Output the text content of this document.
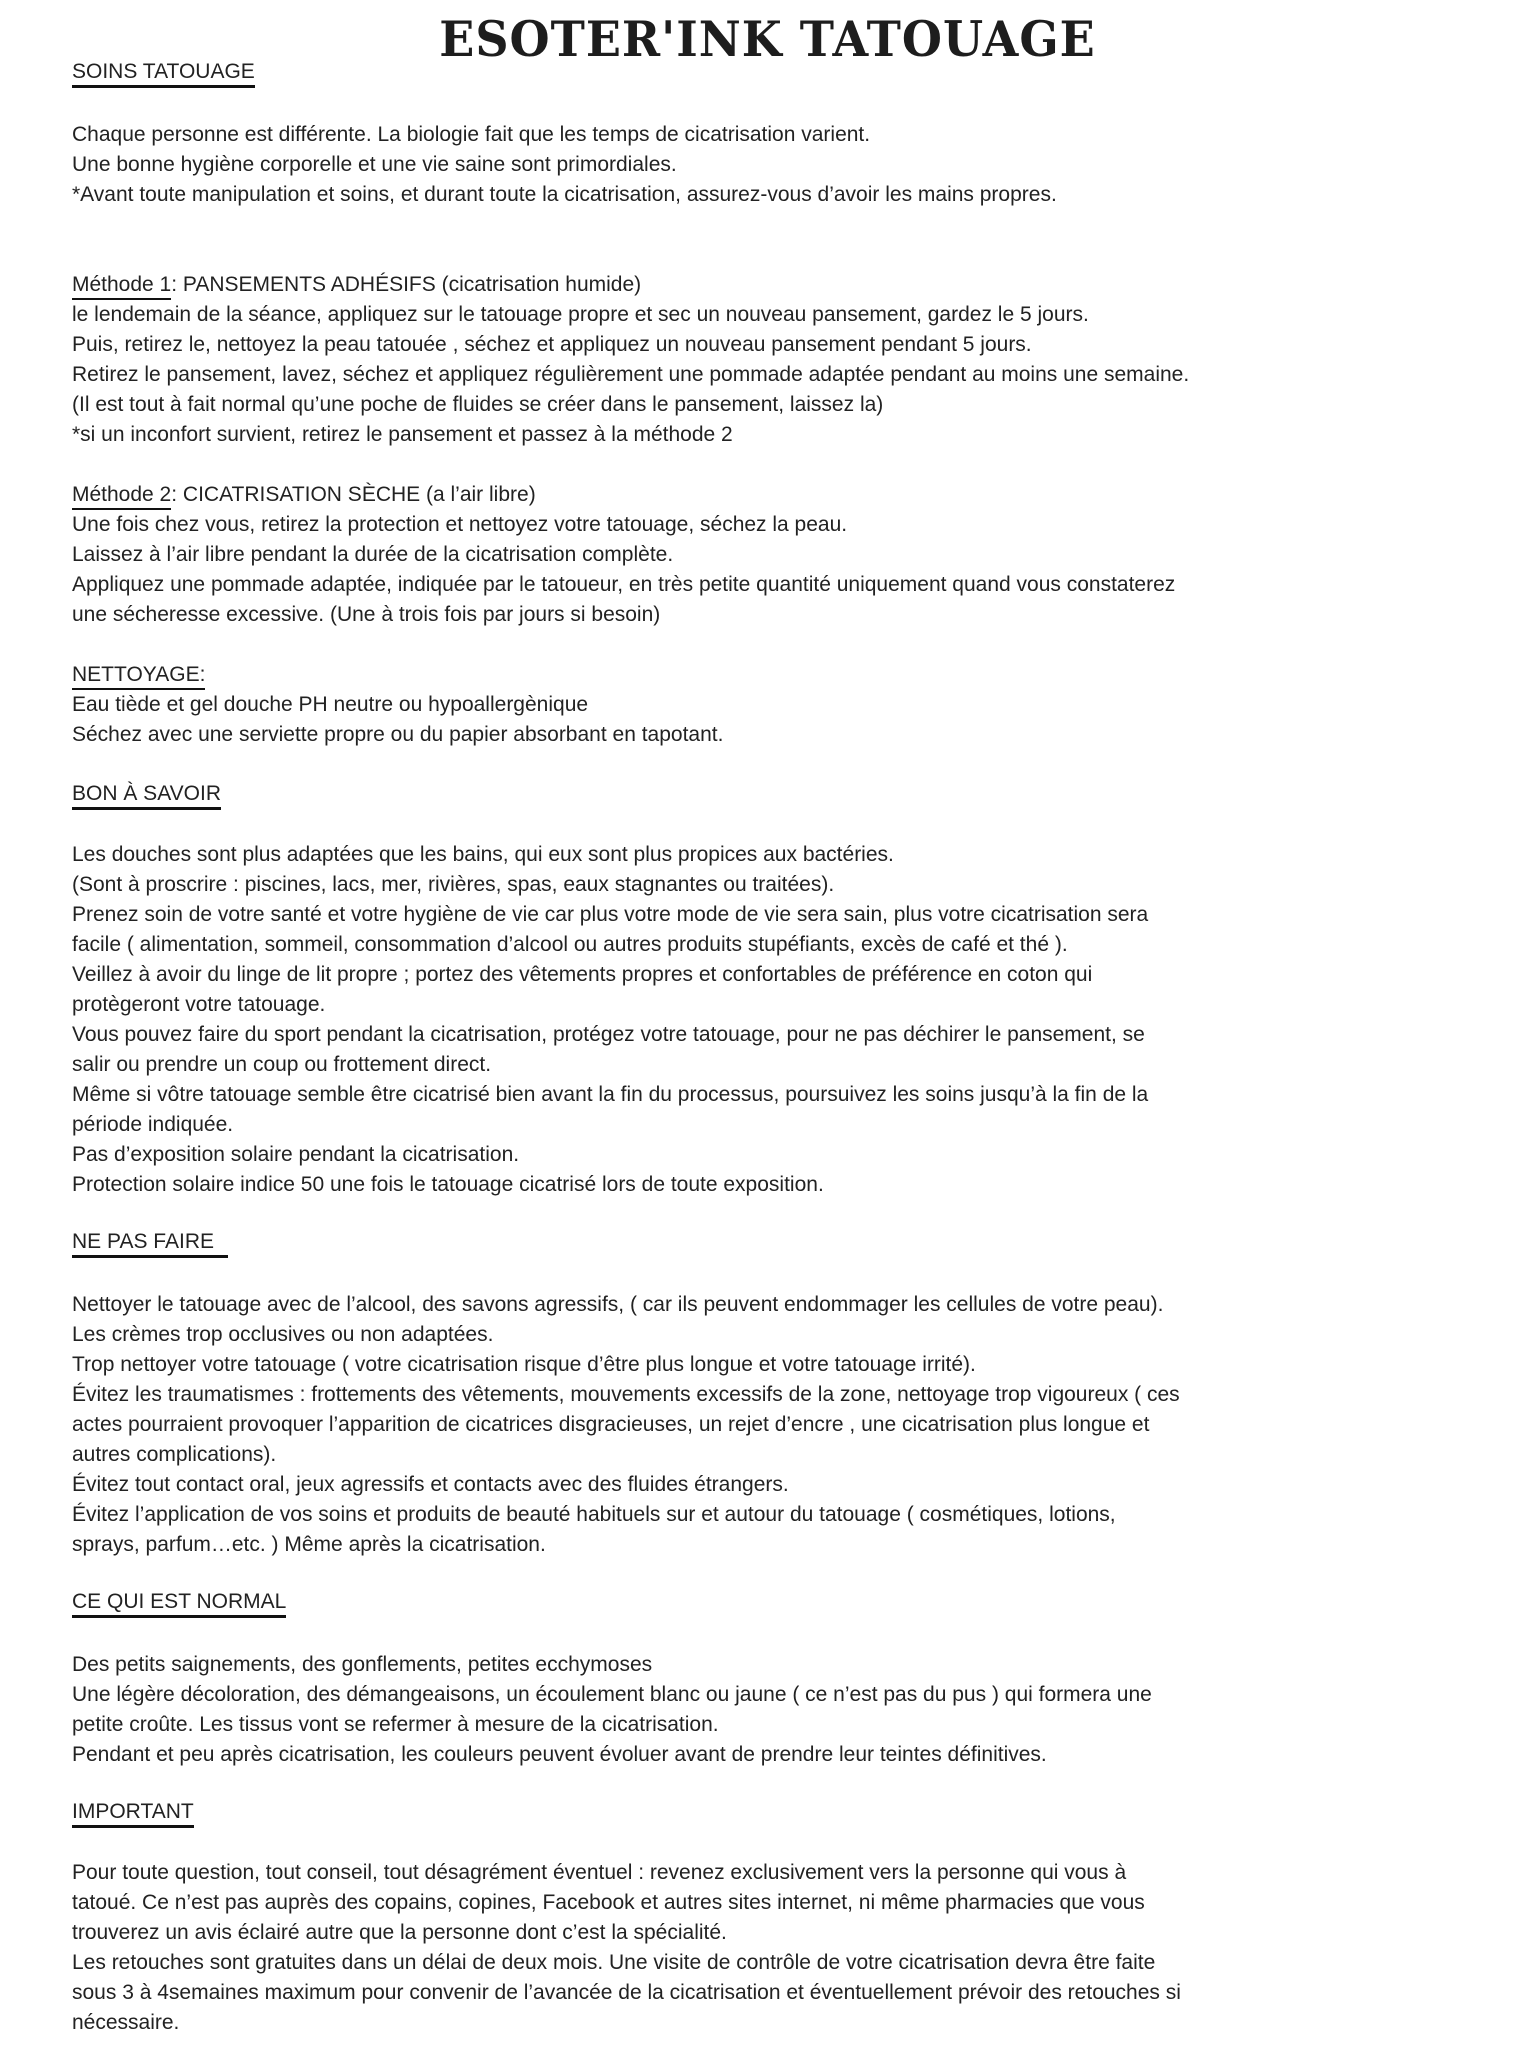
ESOTER'INK TATOUAGE
SOINS TATOUAGE
Chaque personne est différente. La biologie fait que les temps de cicatrisation varient.
Une bonne hygiène corporelle et une vie saine sont primordiales.
*Avant toute manipulation et soins, et durant toute la cicatrisation, assurez-vous d’avoir les mains propres.
Méthode 1: PANSEMENTS ADHÉSIFS (cicatrisation humide)
le lendemain de la séance, appliquez sur le tatouage propre et sec un nouveau pansement, gardez le 5 jours.
Puis, retirez le, nettoyez la peau tatouée , séchez et appliquez un nouveau pansement pendant 5 jours.
Retirez le pansement, lavez, séchez et appliquez régulièrement une pommade adaptée pendant au moins une semaine.
(Il est tout à fait normal qu’une poche de fluides se créer dans le pansement, laissez la)
*si un inconfort survient, retirez le pansement et passez à la méthode 2
Méthode 2: CICATRISATION SÈCHE (a l’air libre)
Une fois chez vous, retirez la protection et nettoyez votre tatouage, séchez la peau.
Laissez à l’air libre pendant la durée de la cicatrisation complète.
Appliquez une pommade adaptée, indiquée par le tatoueur, en très petite quantité uniquement quand vous constaterez
une sécheresse excessive. (Une à trois fois par jours si besoin)
NETTOYAGE:
Eau tiède et gel douche PH neutre ou hypoallergènique
Séchez avec une serviette propre ou du papier absorbant en tapotant.
BON À SAVOIR
Les douches sont plus adaptées que les bains, qui eux sont plus propices aux bactéries.
(Sont à proscrire : piscines, lacs, mer, rivières, spas, eaux stagnantes ou traitées).
Prenez soin de votre santé et votre hygiène de vie car plus votre mode de vie sera sain, plus votre cicatrisation sera
facile ( alimentation, sommeil, consommation d’alcool ou autres produits stupéfiants, excès de café et thé ).
Veillez à avoir du linge de lit propre ; portez des vêtements propres et confortables de préférence en coton qui
protègeront votre tatouage.
Vous pouvez faire du sport pendant la cicatrisation, protégez votre tatouage, pour ne pas déchirer le pansement, se
salir ou prendre un coup ou frottement direct.
Même si vôtre tatouage semble être cicatrisé bien avant la fin du processus, poursuivez les soins jusqu’à la fin de la
période indiquée.
Pas d’exposition solaire pendant la cicatrisation.
Protection solaire indice 50 une fois le tatouage cicatrisé lors de toute exposition.
NE PAS FAIRE
Nettoyer le tatouage avec de l’alcool, des savons agressifs, ( car ils peuvent endommager les cellules de votre peau).
Les crèmes trop occlusives ou non adaptées.
Trop nettoyer votre tatouage ( votre cicatrisation risque d’être plus longue et votre tatouage irrité).
Évitez les traumatismes : frottements des vêtements, mouvements excessifs de la zone, nettoyage trop vigoureux ( ces
actes pourraient provoquer l’apparition de cicatrices disgracieuses, un rejet d’encre , une cicatrisation plus longue et
autres complications).
Évitez tout contact oral, jeux agressifs et contacts avec des fluides étrangers.
Évitez l’application de vos soins et produits de beauté habituels sur et autour du tatouage ( cosmétiques, lotions,
sprays, parfum…etc. ) Même après la cicatrisation.
CE QUI EST NORMAL
Des petits saignements, des gonflements, petites ecchymoses
Une légère décoloration, des démangeaisons, un écoulement blanc ou jaune ( ce n’est pas du pus ) qui formera une
petite croûte. Les tissus vont se refermer à mesure de la cicatrisation.
Pendant et peu après cicatrisation, les couleurs peuvent évoluer avant de prendre leur teintes définitives.
IMPORTANT
Pour toute question, tout conseil, tout désagrément éventuel : revenez exclusivement vers la personne qui vous à
tatoué. Ce n’est pas auprès des copains, copines, Facebook et autres sites internet, ni même pharmacies que vous
trouverez un avis éclairé autre que la personne dont c’est la spécialité.
Les retouches sont gratuites dans un délai de deux mois. Une visite de contrôle de votre cicatrisation devra être faite
sous 3 à 4semaines maximum pour convenir de l’avancée de la cicatrisation et éventuellement prévoir des retouches si
nécessaire.
